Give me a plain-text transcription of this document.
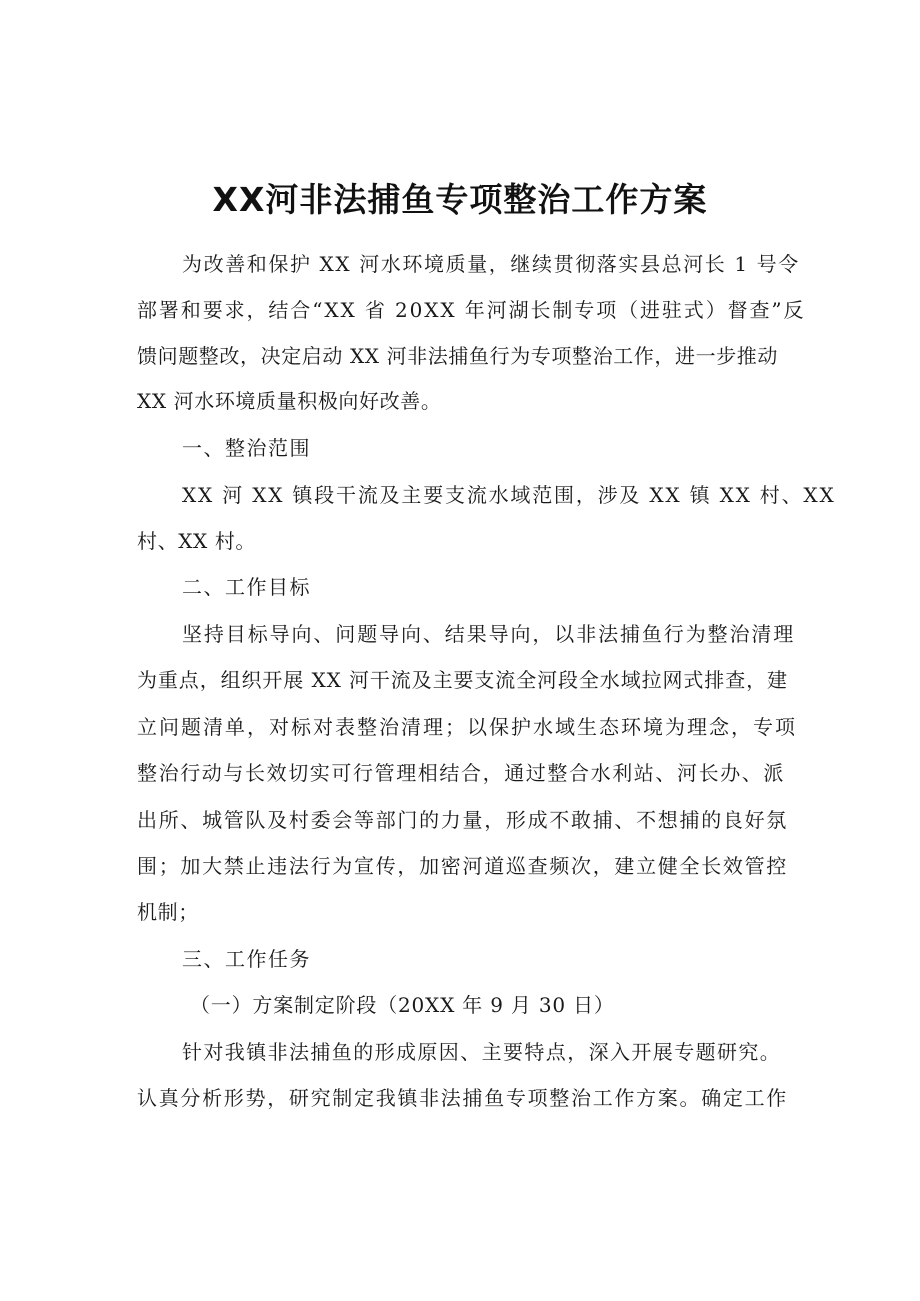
XX河非法捕鱼专项整治工作方案
为改善和保护 XX 河水环境质量，继续贯彻落实县总河长 1 号令
部署和要求，结合“XX 省 20XX 年河湖长制专项（进驻式）督查”反
馈问题整改，决定启动 XX 河非法捕鱼行为专项整治工作，进一步推动
XX 河水环境质量积极向好改善。
一、整治范围
XX 河 XX 镇段干流及主要支流水域范围，涉及 XX 镇 XX 村、XX
村、XX 村。
二、工作目标
坚持目标导向、问题导向、结果导向，以非法捕鱼行为整治清理
为重点，组织开展 XX 河干流及主要支流全河段全水域拉网式排查，建
立问题清单，对标对表整治清理；以保护水域生态环境为理念，专项
整治行动与长效切实可行管理相结合，通过整合水利站、河长办、派
出所、城管队及村委会等部门的力量，形成不敢捕、不想捕的良好氛
围；加大禁止违法行为宣传，加密河道巡查频次，建立健全长效管控
机制；
三、工作任务
（一）方案制定阶段（20XX 年 9 月 30 日）
针对我镇非法捕鱼的形成原因、主要特点，深入开展专题研究。
认真分析形势，研究制定我镇非法捕鱼专项整治工作方案。确定工作
